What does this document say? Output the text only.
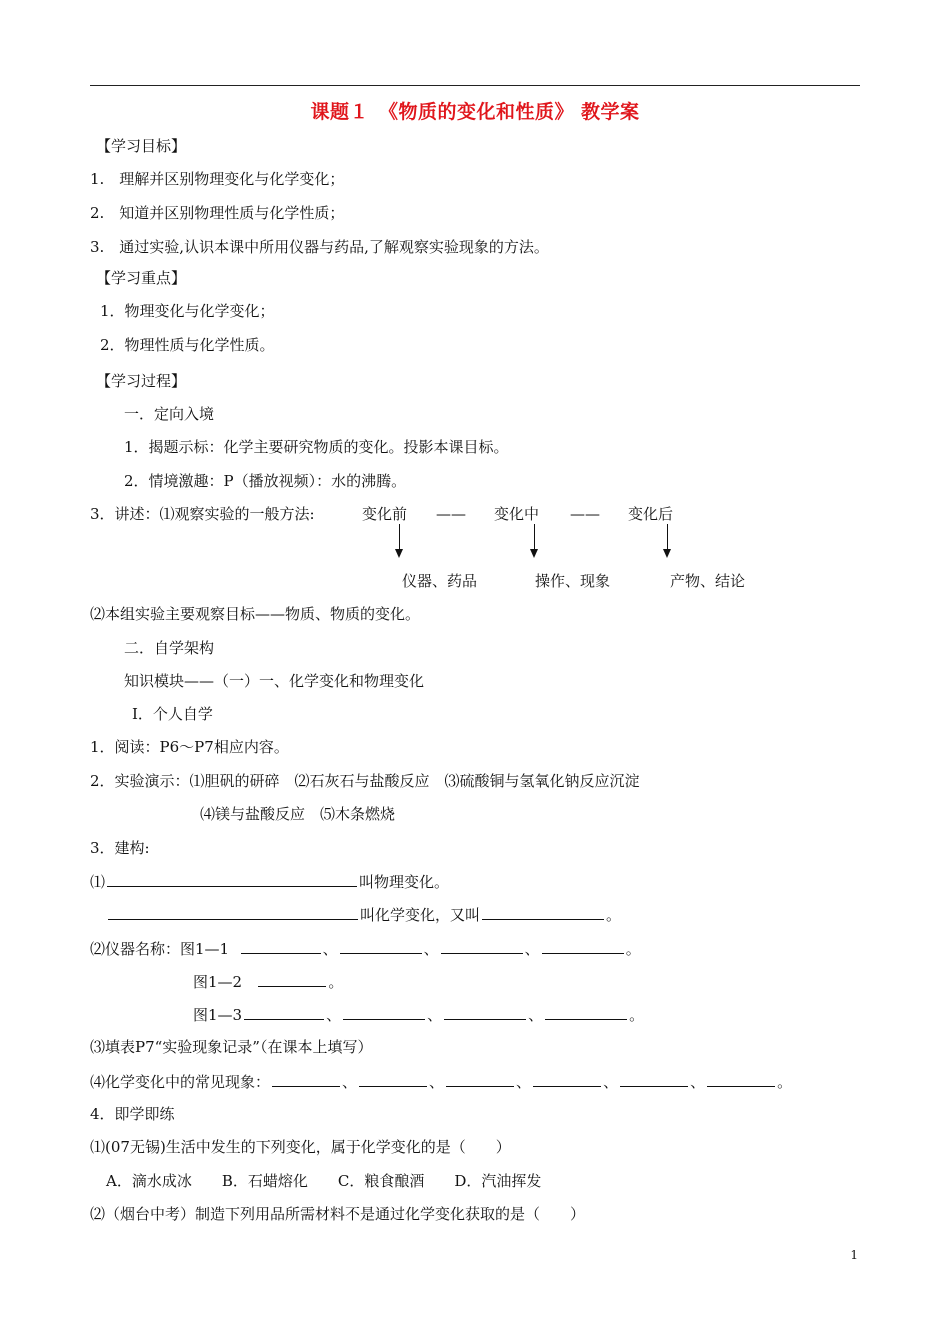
课题１　《物质的变化和性质》 教学案
【学习目标】
1.　理解并区别物理变化与化学变化；
2.　知道并区别物理性质与化学性质；
3.　通过实验,认识本课中所用仪器与药品,了解观察实验现象的方法。
【学习重点】
1．物理变化与化学变化；
2．物理性质与化学性质。
【学习过程】
一．定向入境
1．揭题示标：化学主要研究物质的变化。投影本课目标。
2．情境激趣：P（播放视频）：水的沸腾。
3．讲述：⑴观察实验的一般方法:	变化前 —— 变化中 —— 变化后
仪器、药品	操作、现象	产物、结论
⑵本组实验主要观察目标——物质、物质的变化。
二．自学架构
知识模块——（一）一、化学变化和物理变化
Ⅰ．个人自学
1．阅读：P6～P7相应内容。
2．实验演示：⑴胆矾的研碎　⑵石灰石与盐酸反应　⑶硫酸铜与氢氧化钠反应沉淀
⑷镁与盐酸反应　⑸木条燃烧
3．建构:
⑴	叫物理变化。
叫化学变化，又叫	。
⑵仪器名称：图1—1	、	、	、	。
图1—2	。
图1—3	、	、	、	。
⑶填表P7“实验现象记录”（在课本上填写）
⑷化学变化中的常见现象：	、	、	、	、	、	。
4．即学即练
⑴(07无锡)生活中发生的下列变化，属于化学变化的是（　　）
A．滴水成冰　　B．石蜡熔化　　C．粮食酿酒　　D．汽油挥发
⑵（烟台中考）制造下列用品所需材料不是通过化学变化获取的是（　　）
1
